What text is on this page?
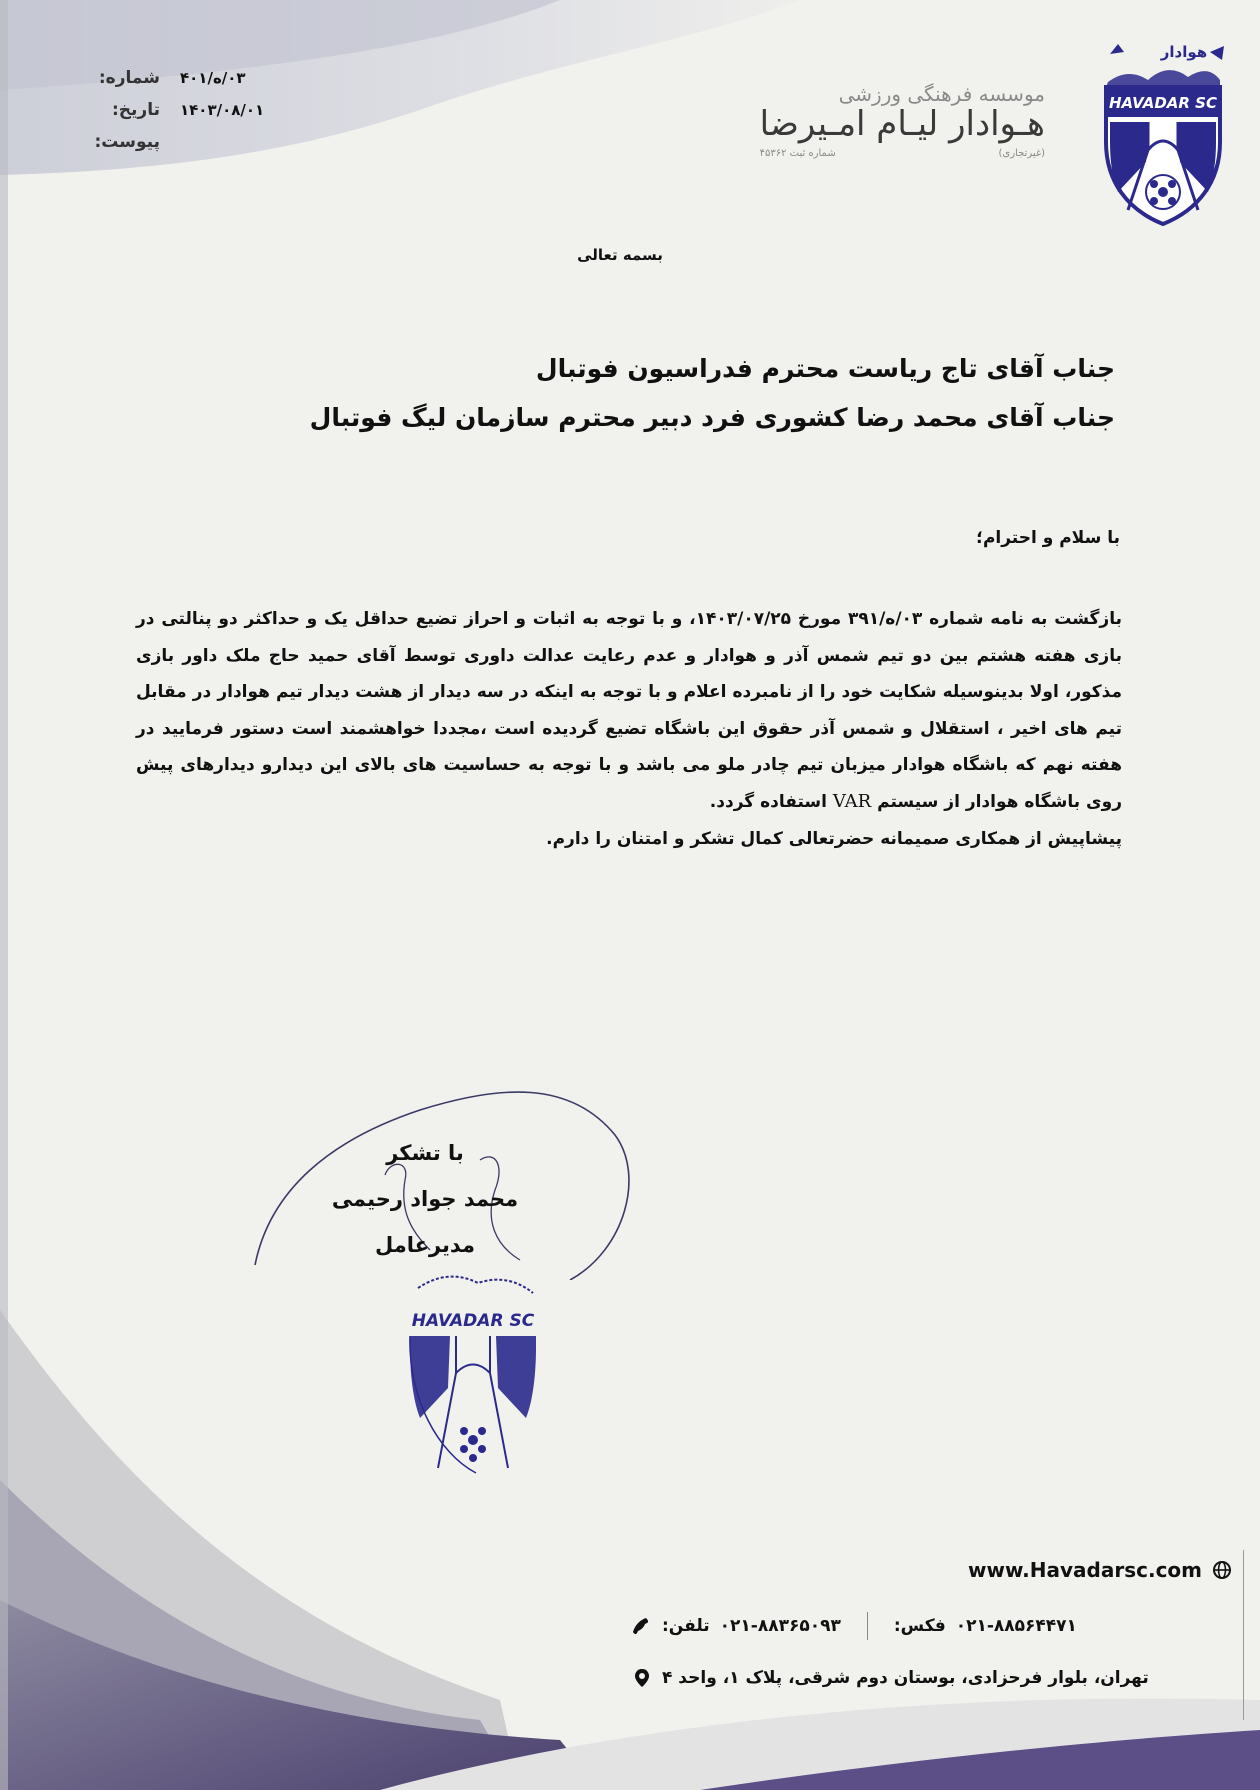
شماره:	۰۳/ه/۴۰۱
تاریخ:	۱۴۰۳/۰۸/۰۱
پیوست:
موسسه فرهنگی ورزشی
هـوادار لیـام امـیرضا
(غیرتجاری)
شماره ثبت ۴۵۳۶۲
HAVADAR SC
هوادار
بسمه تعالی
جناب آقای تاج ریاست محترم فدراسیون فوتبال
جناب آقای محمد رضا کشوری فرد دبیر محترم سازمان لیگ فوتبال
با سلام و احترام؛
بازگشت به نامه شماره ۰۳/ه/۳۹۱ مورخ ۱۴۰۳/۰۷/۲۵، و با توجه به اثبات و احراز تضیع حداقل یک و حداکثر دو پنالتی در بازی هفته هشتم بین دو تیم شمس آذر و هوادار و عدم رعایت عدالت داوری توسط آقای حمید حاج ملک داور بازی مذکور، اولا بدینوسیله شکایت خود را از نامبرده اعلام و با توجه به اینکه در سه دیدار از هشت دیدار تیم هوادار در مقابل تیم های اخیر ، استقلال و شمس آذر حقوق این باشگاه تضیع گردیده است ،مجددا خواهشمند است دستور فرمایید در هفته نهم که باشگاه هوادار میزبان تیم چادر ملو می باشد و با توجه به حساسیت های بالای این دیدارو دیدارهای پیش روی باشگاه هوادار از سیستم VAR استفاده گردد.
پیشاپیش از همکاری صمیمانه حضرتعالی کمال تشکر و امتنان را دارم.
با تشکر
محمد جواد رحیمی
مدیرعامل
HAVADAR SC
www.Havadarsc.com
تلفن: ۰۲۱-۸۸۳۶۵۰۹۳	فکس: ۰۲۱-۸۸۵۶۴۴۷۱
تهران، بلوار فرحزادی، بوستان دوم شرقی، پلاک ۱، واحد ۴
